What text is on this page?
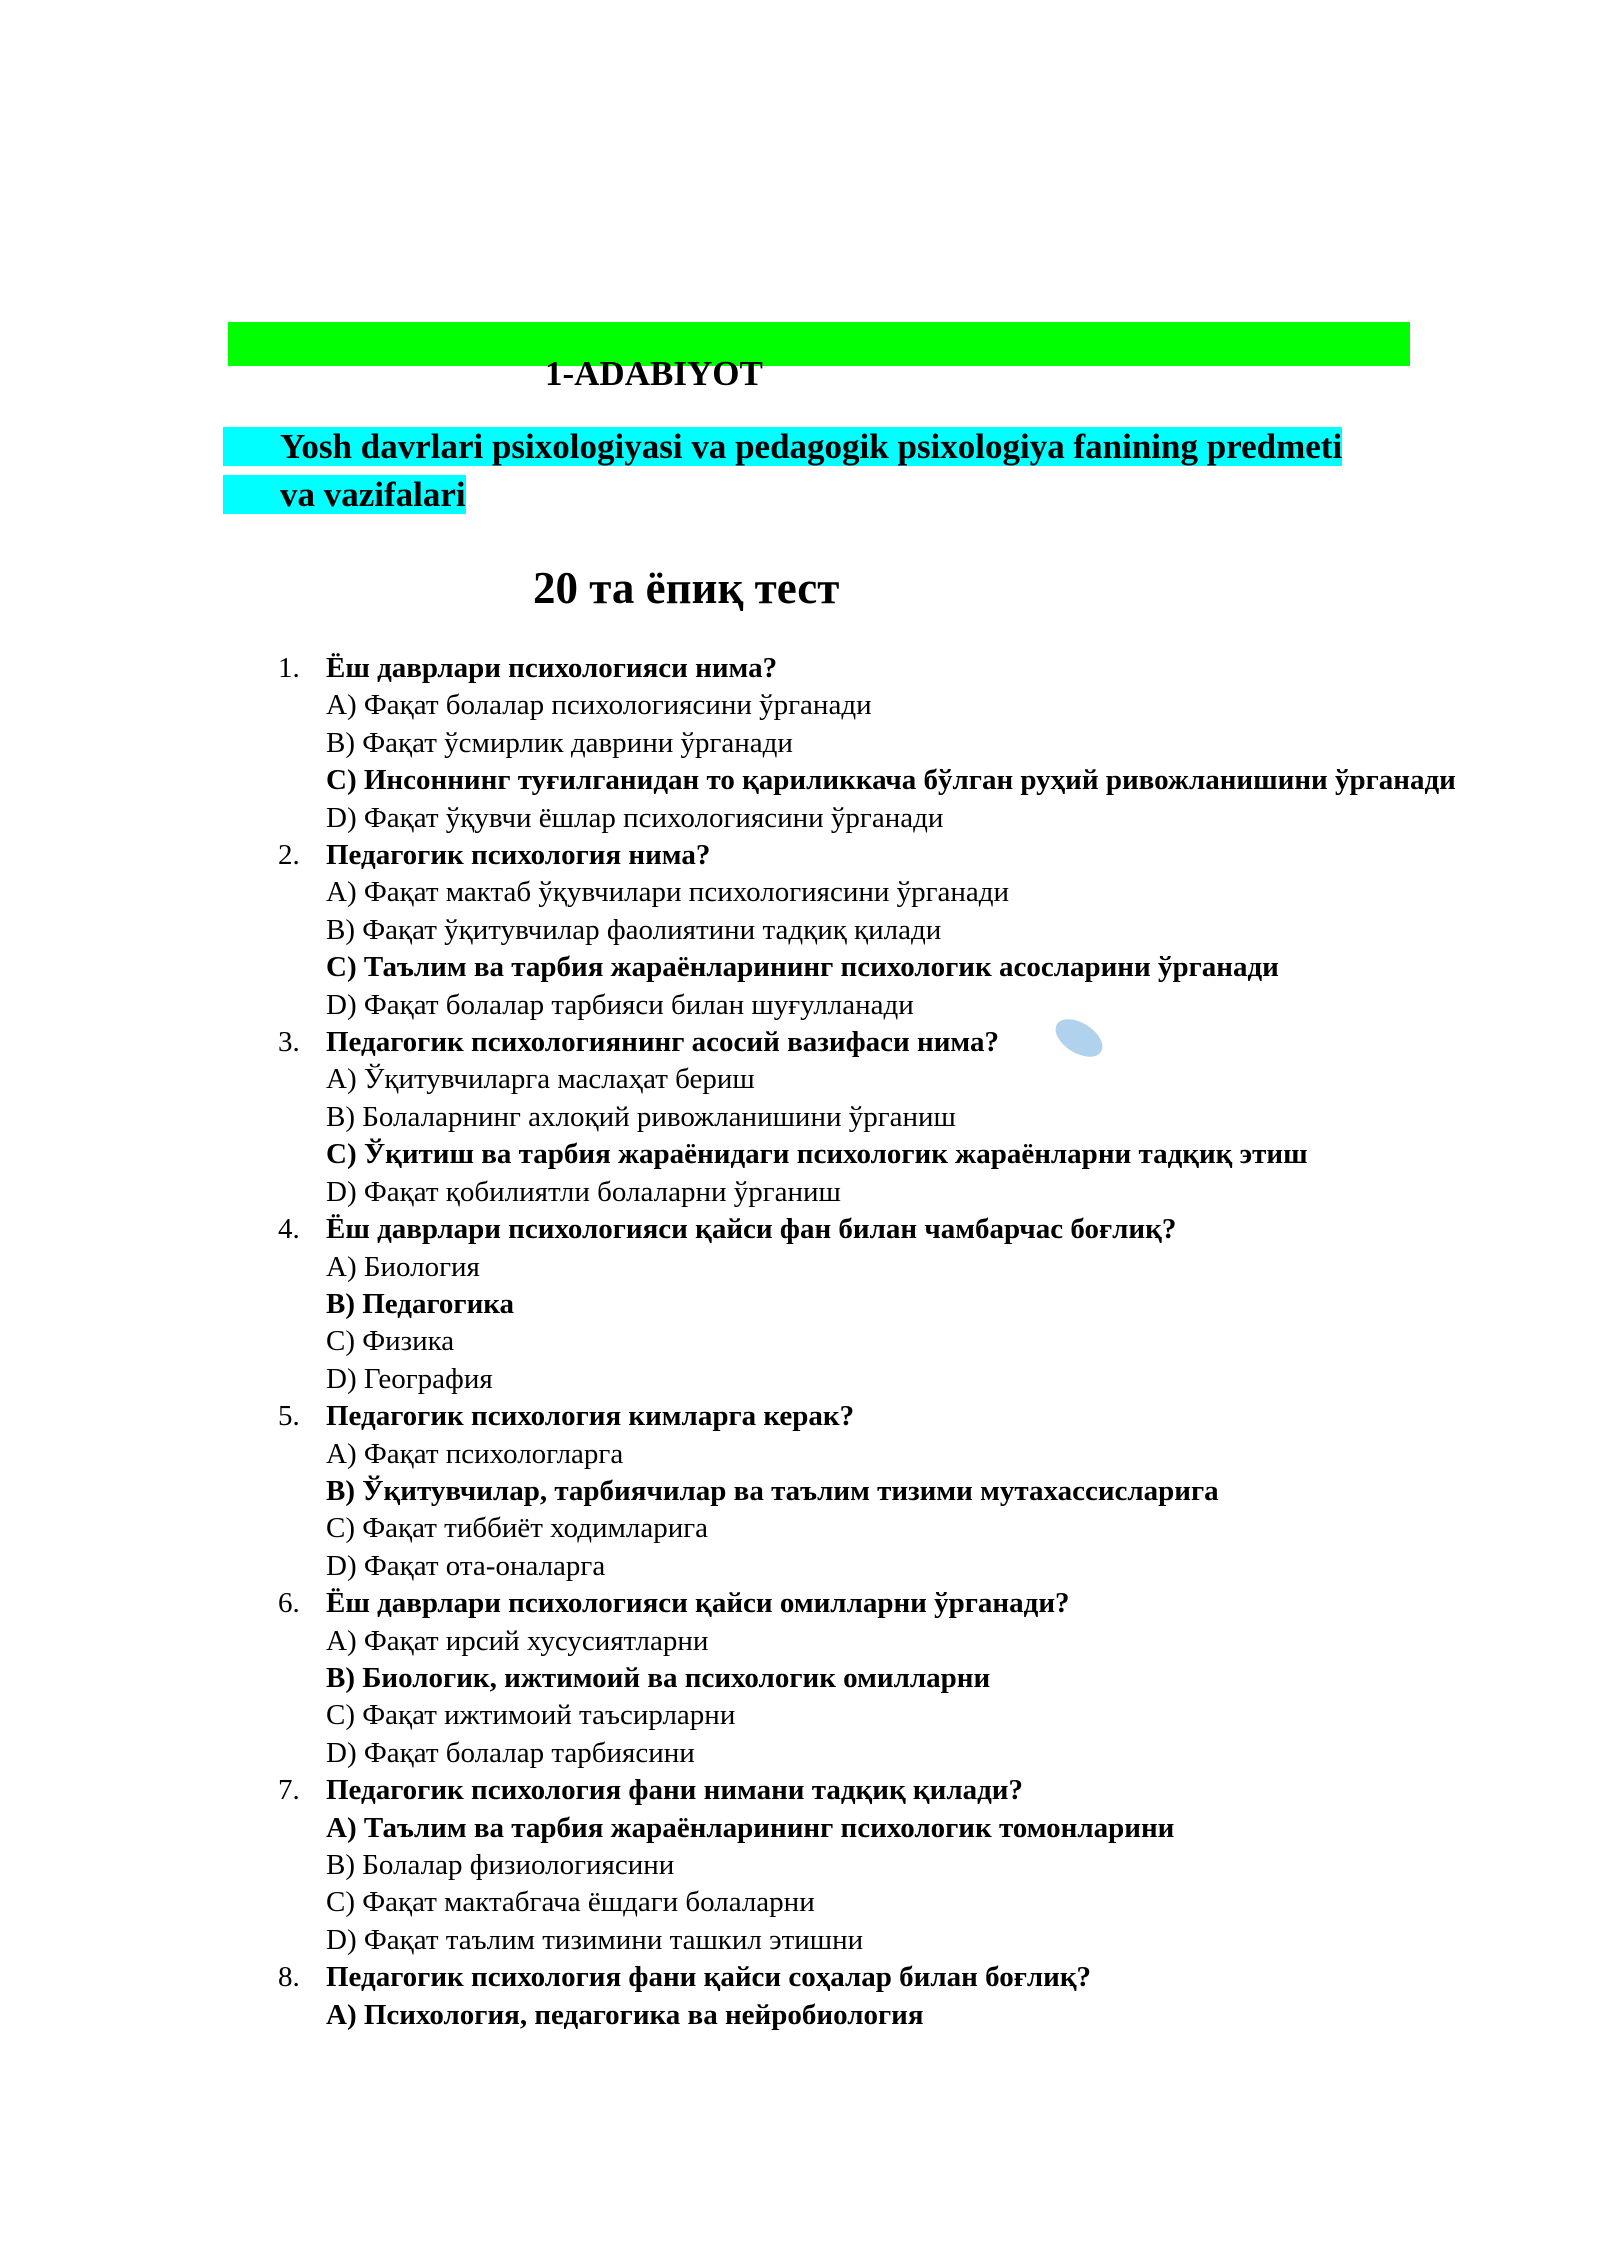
1-ADABIYOT
Yosh davrlari psixologiyasi va pedagogik psixologiya fanining predmeti va vazifalari
20 та ёпиқ тест
1. Ёш даврлари психологияси нима?
A) Фақат болалар психологиясини ўрганади
B) Фақат ўсмирлик даврини ўрганади
C) Инсоннинг туғилганидан то қариликкача бўлган руҳий ривожланишини ўрганади
D) Фақат ўқувчи ёшлар психологиясини ўрганади
2. Педагогик психология нима?
A) Фақат мактаб ўқувчилари психологиясини ўрганади
B) Фақат ўқитувчилар фаолиятини тадқиқ қилади
C) Таълим ва тарбия жараёнларининг психологик асосларини ўрганади
D) Фақат болалар тарбияси билан шуғулланади
3. Педагогик психологиянинг асосий вазифаси нима?
A) Ўқитувчиларга маслаҳат бериш
B) Болаларнинг ахлоқий ривожланишини ўрганиш
C) Ўқитиш ва тарбия жараёнидаги психологик жараёнларни тадқиқ этиш
D) Фақат қобилиятли болаларни ўрганиш
4. Ёш даврлари психологияси қайси фан билан чамбарчас боғлиқ?
A) Биология
B) Педагогика
C) Физика
D) География
5. Педагогик психология кимларга керак?
A) Фақат психологларга
B) Ўқитувчилар, тарбиячилар ва таълим тизими мутахассисларига
C) Фақат тиббиёт ходимларига
D) Фақат ота-оналарга
6. Ёш даврлари психологияси қайси омилларни ўрганади?
A) Фақат ирсий хусусиятларни
B) Биологик, ижтимоий ва психологик омилларни
C) Фақат ижтимоий таъсирларни
D) Фақат болалар тарбиясини
7. Педагогик психология фани нимани тадқиқ қилади?
A) Таълим ва тарбия жараёнларининг психологик томонларини
B) Болалар физиологиясини
C) Фақат мактабгача ёшдаги болаларни
D) Фақат таълим тизимини ташкил этишни
8. Педагогик психология фани қайси соҳалар билан боғлиқ?
A) Психология, педагогика ва нейробиология
